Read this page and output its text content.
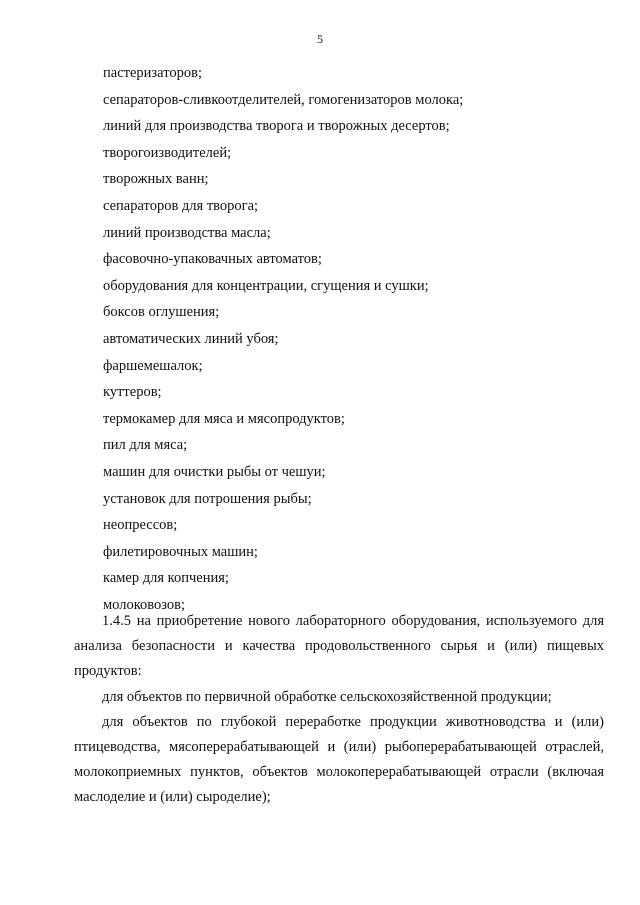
5
пастеризаторов;
сепараторов-сливкоотделителей, гомогенизаторов молока;
линий для производства творога и творожных десертов;
творогоизводителей;
творожных ванн;
сепараторов для творога;
линий производства масла;
фасовочно-упаковачных автоматов;
оборудования для концентрации, сгущения и сушки;
боксов оглушения;
автоматических линий убоя;
фаршемешалок;
куттеров;
термокамер для мяса и мясопродуктов;
пил для мяса;
машин для очистки рыбы от чешуи;
установок для потрошения рыбы;
неопрессов;
филетировочных машин;
камер для копчения;
молоковозов;

1.4.5 на приобретение нового лабораторного оборудования, используемого для анализа безопасности и качества продовольственного сырья и (или) пищевых продуктов:

для объектов по первичной обработке сельскохозяйственной продукции;

для объектов по глубокой переработке продукции животноводства и (или) птицеводства, мясоперерабатывающей и (или) рыбоперерабатывающей отраслей, молокоприемных пунктов, объектов молокоперерабатывающей отрасли (включая маслоделие и (или) сыроделие);
